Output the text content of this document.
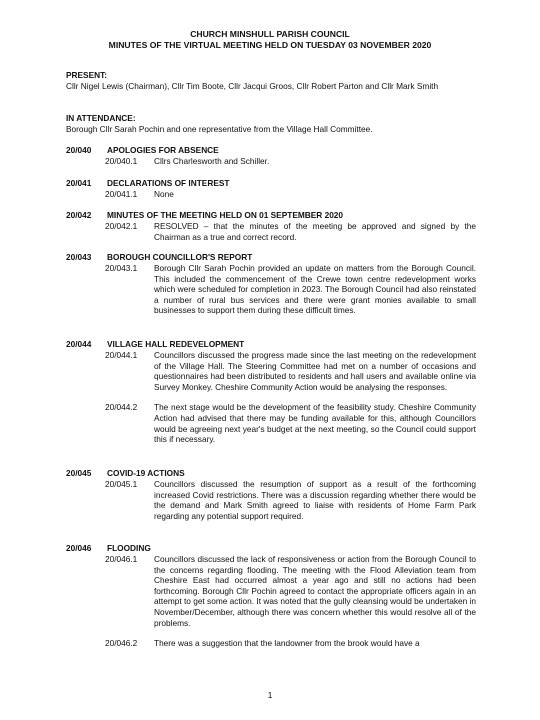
CHURCH MINSHULL PARISH COUNCIL
MINUTES OF THE VIRTUAL MEETING HELD ON TUESDAY 03 NOVEMBER 2020
PRESENT:
Cllr Nigel Lewis (Chairman), Cllr Tim Boote, Cllr Jacqui Groos, Cllr Robert Parton and Cllr Mark Smith
IN ATTENDANCE:
Borough Cllr Sarah Pochin and one representative from the Village Hall Committee.
20/040 APOLOGIES FOR ABSENCE
20/040.1 Cllrs Charlesworth and Schiller.
20/041 DECLARATIONS OF INTEREST
20/041.1 None
20/042 MINUTES OF THE MEETING HELD ON 01 SEPTEMBER 2020
20/042.1 RESOLVED – that the minutes of the meeting be approved and signed by the Chairman as a true and correct record.
20/043 BOROUGH COUNCILLOR'S REPORT
20/043.1 Borough Cllr Sarah Pochin provided an update on matters from the Borough Council. This included the commencement of the Crewe town centre redevelopment works which were scheduled for completion in 2023. The Borough Council had also reinstated a number of rural bus services and there were grant monies available to small businesses to support them during these difficult times.
20/044 VILLAGE HALL REDEVELOPMENT
20/044.1 Councillors discussed the progress made since the last meeting on the redevelopment of the Village Hall. The Steering Committee had met on a number of occasions and questionnaires had been distributed to residents and hall users and available online via Survey Monkey. Cheshire Community Action would be analysing the responses.
20/044.2 The next stage would be the development of the feasibility study. Cheshire Community Action had advised that there may be funding available for this, although Councillors would be agreeing next year's budget at the next meeting, so the Council could support this if necessary.
20/045 COVID-19 ACTIONS
20/045.1 Councillors discussed the resumption of support as a result of the forthcoming increased Covid restrictions. There was a discussion regarding whether there would be the demand and Mark Smith agreed to liaise with residents of Home Farm Park regarding any potential support required.
20/046 FLOODING
20/046.1 Councillors discussed the lack of responsiveness or action from the Borough Council to the concerns regarding flooding. The meeting with the Flood Alleviation team from Cheshire East had occurred almost a year ago and still no actions had been forthcoming. Borough Cllr Pochin agreed to contact the appropriate officers again in an attempt to get some action. It was noted that the gully cleansing would be undertaken in November/December, although there was concern whether this would resolve all of the problems.
20/046.2 There was a suggestion that the landowner from the brook would have a
1
